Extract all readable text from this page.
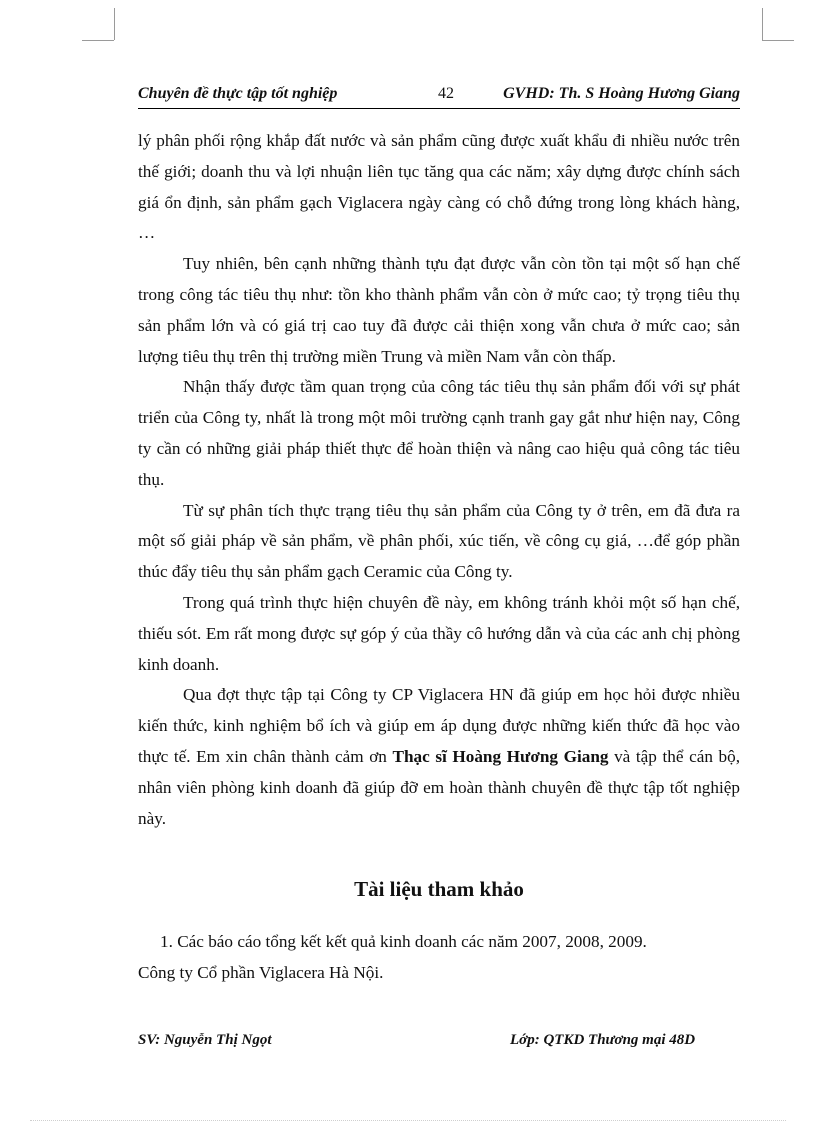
Chuyên đề thực tập tốt nghiệp	42	GVHD: Th. S Hoàng Hương Giang

lý phân phối rộng khắp đất nước và sản phẩm cũng được xuất khẩu đi nhiều nước trên thế giới; doanh thu và lợi nhuận liên tục tăng qua các năm; xây dựng được chính sách giá ổn định, sản phẩm gạch Viglacera ngày càng có chỗ đứng trong lòng khách hàng, …

Tuy nhiên, bên cạnh những thành tựu đạt được vẫn còn tồn tại một số hạn chế trong công tác tiêu thụ như: tồn kho thành phẩm vẫn còn ở mức cao; tỷ trọng tiêu thụ sản phẩm lớn và có giá trị cao tuy đã được cải thiện xong vẫn chưa ở mức cao; sản lượng tiêu thụ trên thị trường miền Trung và miền Nam vẫn còn thấp.

Nhận thấy được tầm quan trọng của công tác tiêu thụ sản phẩm đối với sự phát triển của Công ty, nhất là trong một môi trường cạnh tranh gay gắt như hiện nay, Công ty cần có những giải pháp thiết thực để hoàn thiện và nâng cao hiệu quả công tác tiêu thụ.

Từ sự phân tích thực trạng tiêu thụ sản phẩm của Công ty ở trên, em đã đưa ra một số giải pháp về sản phẩm, về phân phối, xúc tiến, về công cụ giá, …để góp phần thúc đẩy tiêu thụ sản phẩm gạch Ceramic của Công ty.

Trong quá trình thực hiện chuyên đề này, em không tránh khỏi một số hạn chế, thiếu sót. Em rất mong được sự góp ý của thầy cô hướng dẫn và của các anh chị phòng kinh doanh.

Qua đợt thực tập tại Công ty CP Viglacera HN đã giúp em học hỏi được nhiều kiến thức, kinh nghiệm bổ ích và giúp em áp dụng được những kiến thức đã học vào thực tế. Em xin chân thành cảm ơn Thạc sĩ Hoàng Hương Giang và tập thể cán bộ, nhân viên phòng kinh doanh đã giúp đỡ em hoàn thành chuyên đề thực tập tốt nghiệp này.

Tài liệu tham khảo
1. Các báo cáo tổng kết kết quả kinh doanh các năm 2007, 2008, 2009.
Công ty Cổ phần Viglacera Hà Nội.
SV: Nguyễn Thị Ngọt	Lớp: QTKD Thương mại 48D
